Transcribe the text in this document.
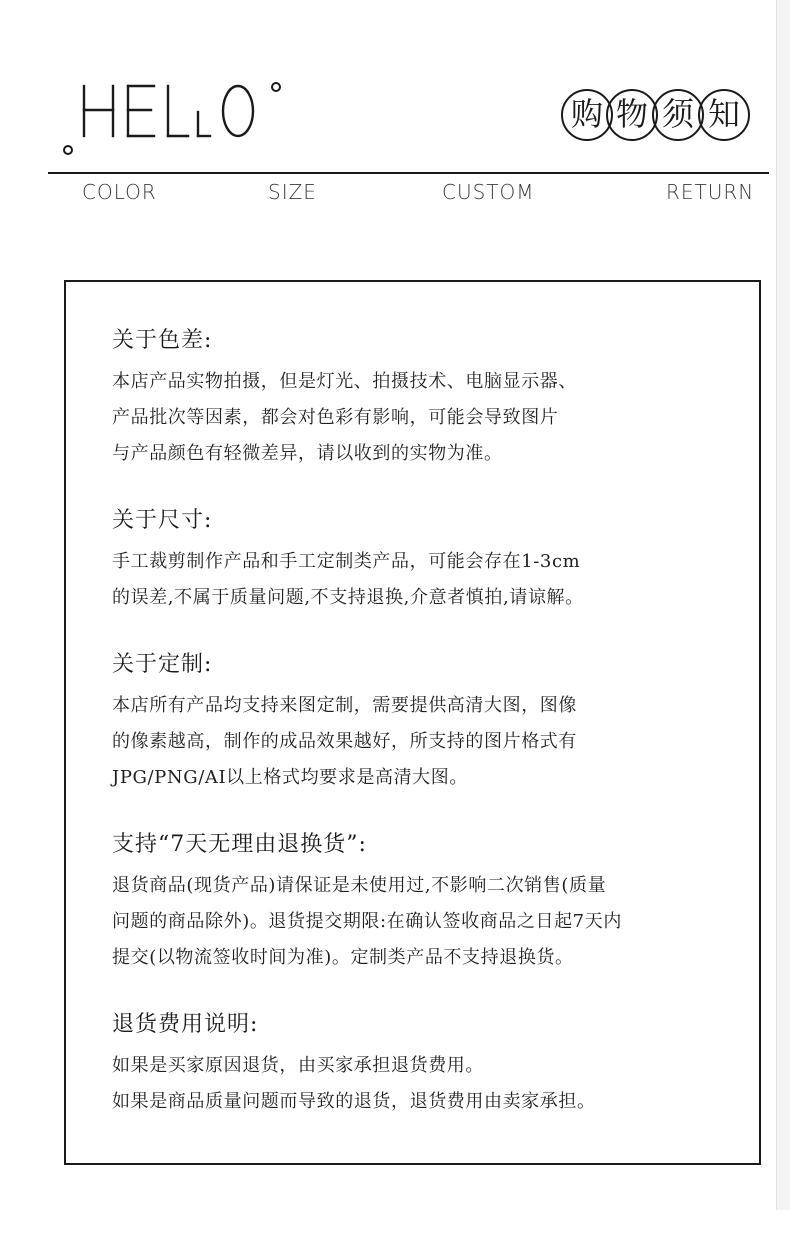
购 物 须 知
COLOR	SIZE	CUSTOM	RETURN
关于色差:

本店产品实物拍摄，但是灯光、拍摄技术、电脑显示器、

产品批次等因素，都会对色彩有影响，可能会导致图片

与产品颜色有轻微差异，请以收到的实物为准。

关于尺寸:

手工裁剪制作产品和手工定制类产品，可能会存在1-3cm

的误差,不属于质量问题,不支持退换,介意者慎拍,请谅解。

关于定制:

本店所有产品均支持来图定制，需要提供高清大图，图像

的像素越高，制作的成品效果越好，所支持的图片格式有

JPG/PNG/AI以上格式均要求是高清大图。

支持“7天无理由退换货”:

退货商品(现货产品)请保证是未使用过,不影响二次销售(质量

问题的商品除外)。退货提交期限:在确认签收商品之日起7天内

提交(以物流签收时间为准)。定制类产品不支持退换货。

退货费用说明:

如果是买家原因退货，由买家承担退货费用。

如果是商品质量问题而导致的退货，退货费用由卖家承担。
